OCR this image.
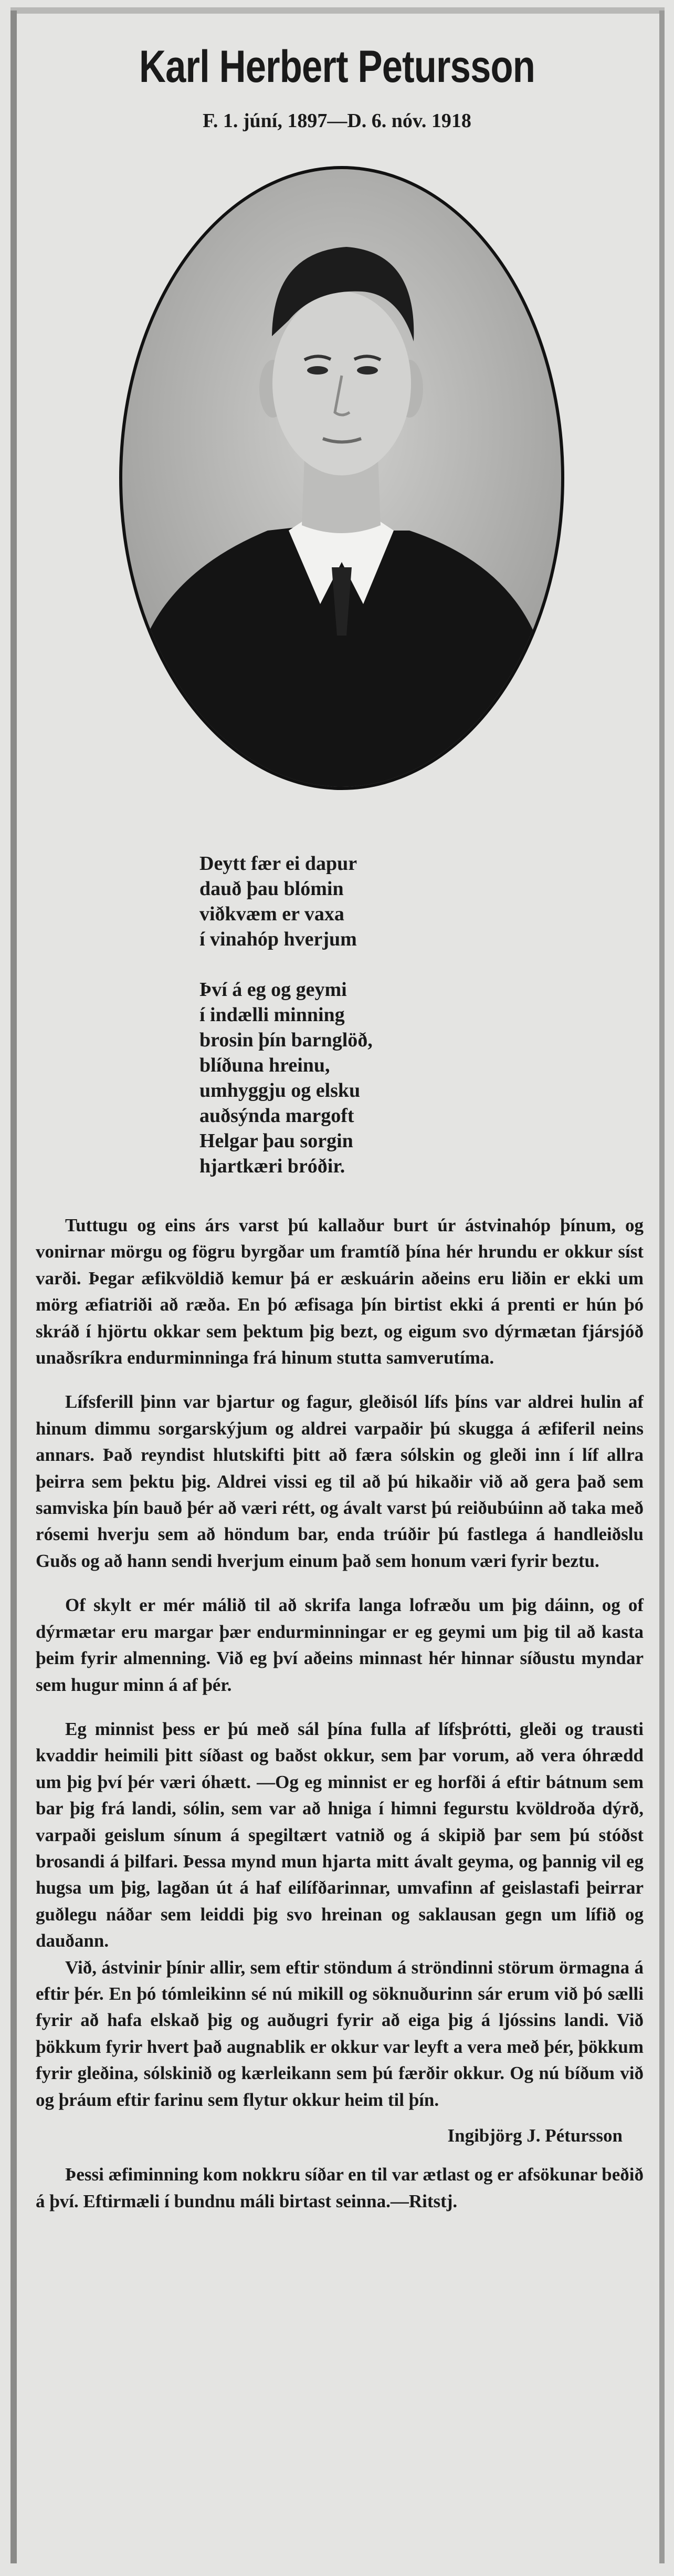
Karl Herbert Petursson
F. 1. júní, 1897—D. 6. nóv. 1918
Deytt fær ei dapur
dauð þau blómin
viðkvæm er vaxa
í vinahóp hverjum
Því á eg og geymi
í indælli minning
brosin þín barnglöð,
blíðuna hreinu,
umhyggju og elsku
auðsýnda margoft
Helgar þau sorgin
hjartkæri bróðir.

Tuttugu og eins árs varst þú kallaður burt úr ástvinahóp þínum, og vonirnar mörgu og fögru byrgðar um framtíð þína hér hrundu er okkur síst varði. Þegar æfikvöldið kemur þá er æskuárin aðeins eru liðin er ekki um mörg æfiatriði að ræða. En þó æfisaga þín birtist ekki á prenti er hún þó skráð í hjörtu okkar sem þektum þig bezt, og eigum svo dýrmætan fjársjóð unaðsríkra endurminninga frá hinum stutta samverutíma.

Lífsferill þinn var bjartur og fagur, gleðisól lífs þíns var aldrei hulin af hinum dimmu sorgarskýjum og aldrei varpaðir þú skugga á æfiferil neins annars. Það reyndist hlutskifti þitt að færa sólskin og gleði inn í líf allra þeirra sem þektu þig. Aldrei vissi eg til að þú hikaðir við að gera það sem samviska þín bauð þér að væri rétt, og ávalt varst þú reiðubúinn að taka með rósemi hverju sem að höndum bar, enda trúðir þú fastlega á handleiðslu Guðs og að hann sendi hverjum einum það sem honum væri fyrir beztu.

Of skylt er mér málið til að skrifa langa lofræðu um þig dáinn, og of dýrmætar eru margar þær endurminningar er eg geymi um þig til að kasta þeim fyrir almenning. Við eg því aðeins minnast hér hinnar síðustu myndar sem hugur minn á af þér.

Eg minnist þess er þú með sál þína fulla af lífsþrótti, gleði og trausti kvaddir heimili þitt síðast og baðst okkur, sem þar vorum, að vera óhrædd um þig því þér væri óhætt. —Og eg minnist er eg horfði á eftir bátnum sem bar þig frá landi, sólin, sem var að hniga í himni fegurstu kvöldroða dýrð, varpaði geislum sínum á spegiltært vatnið og á skipið þar sem þú stóðst brosandi á þilfari. Þessa mynd mun hjarta mitt ávalt geyma, og þannig vil eg hugsa um þig, lagðan út á haf eilífðarinnar, umvafinn af geislastafi þeirrar guðlegu náðar sem leiddi þig svo hreinan og saklausan gegn um lífið og dauðann.

Við, ástvinir þínir allir, sem eftir stöndum á ströndinni störum örmagna á eftir þér. En þó tómleikinn sé nú mikill og söknuðurinn sár erum við þó sælli fyrir að hafa elskað þig og auðugri fyrir að eiga þig á ljóssins landi. Við þökkum fyrir hvert það augnablik er okkur var leyft a vera með þér, þökkum fyrir gleðina, sólskinið og kærleikann sem þú færðir okkur. Og nú bíðum við og þráum eftir farinu sem flytur okkur heim til þín.

Ingibjörg J. Pétursson
Þessi æfiminning kom nokkru síðar en til var ætlast og er afsökunar beðið á því. Eftirmæli í bundnu máli birtast seinna.—Ritstj.
